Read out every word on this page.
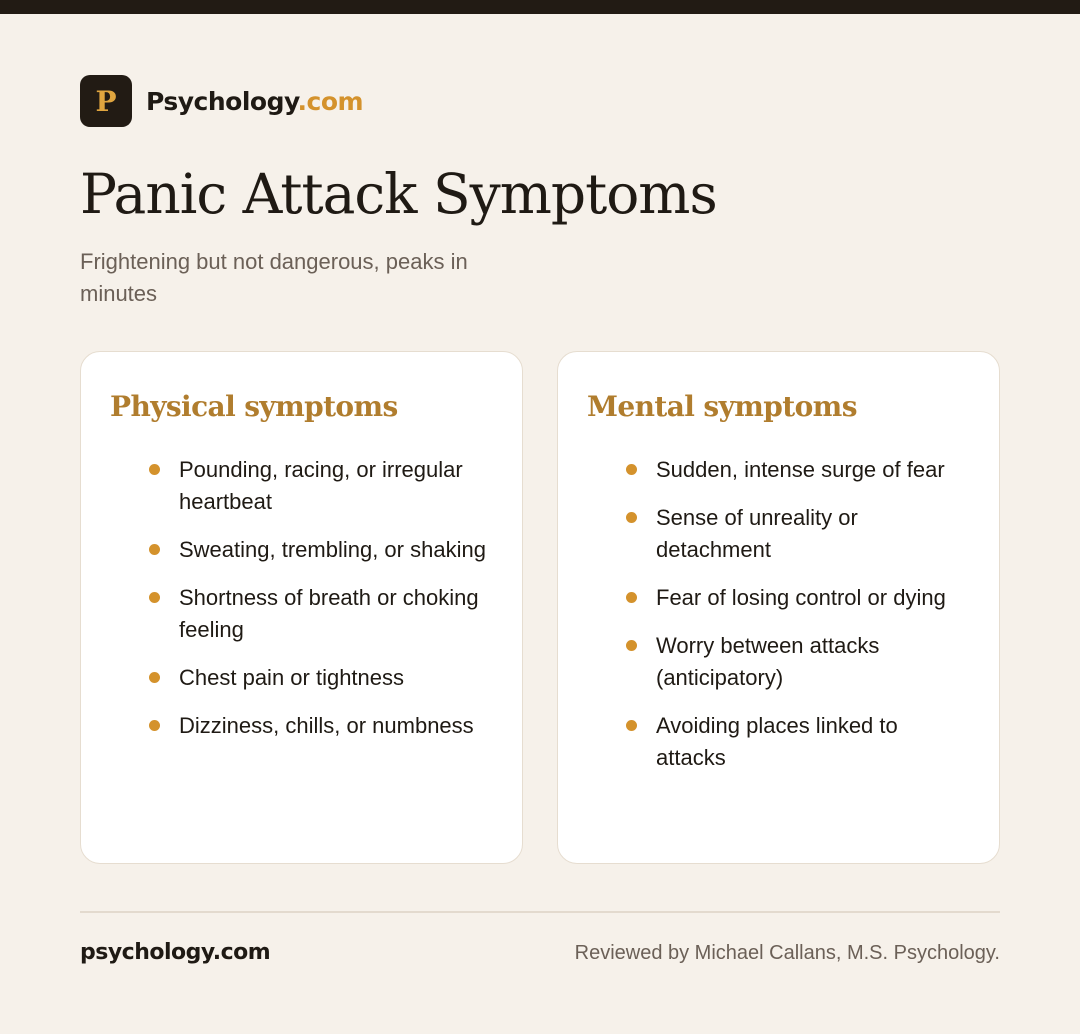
P Psychology.com
Panic Attack Symptoms

Frightening but not dangerous, peaks in minutes

Physical symptoms
Pounding, racing, or irregular heartbeat
Sweating, trembling, or shaking
Shortness of breath or choking feeling
Chest pain or tightness
Dizziness, chills, or numbness
Mental symptoms
Sudden, intense surge of fear
Sense of unreality or detachment
Fear of losing control or dying
Worry between attacks (anticipatory)
Avoiding places linked to attacks
psychology.com	Reviewed by Michael Callans, M.S. Psychology.
